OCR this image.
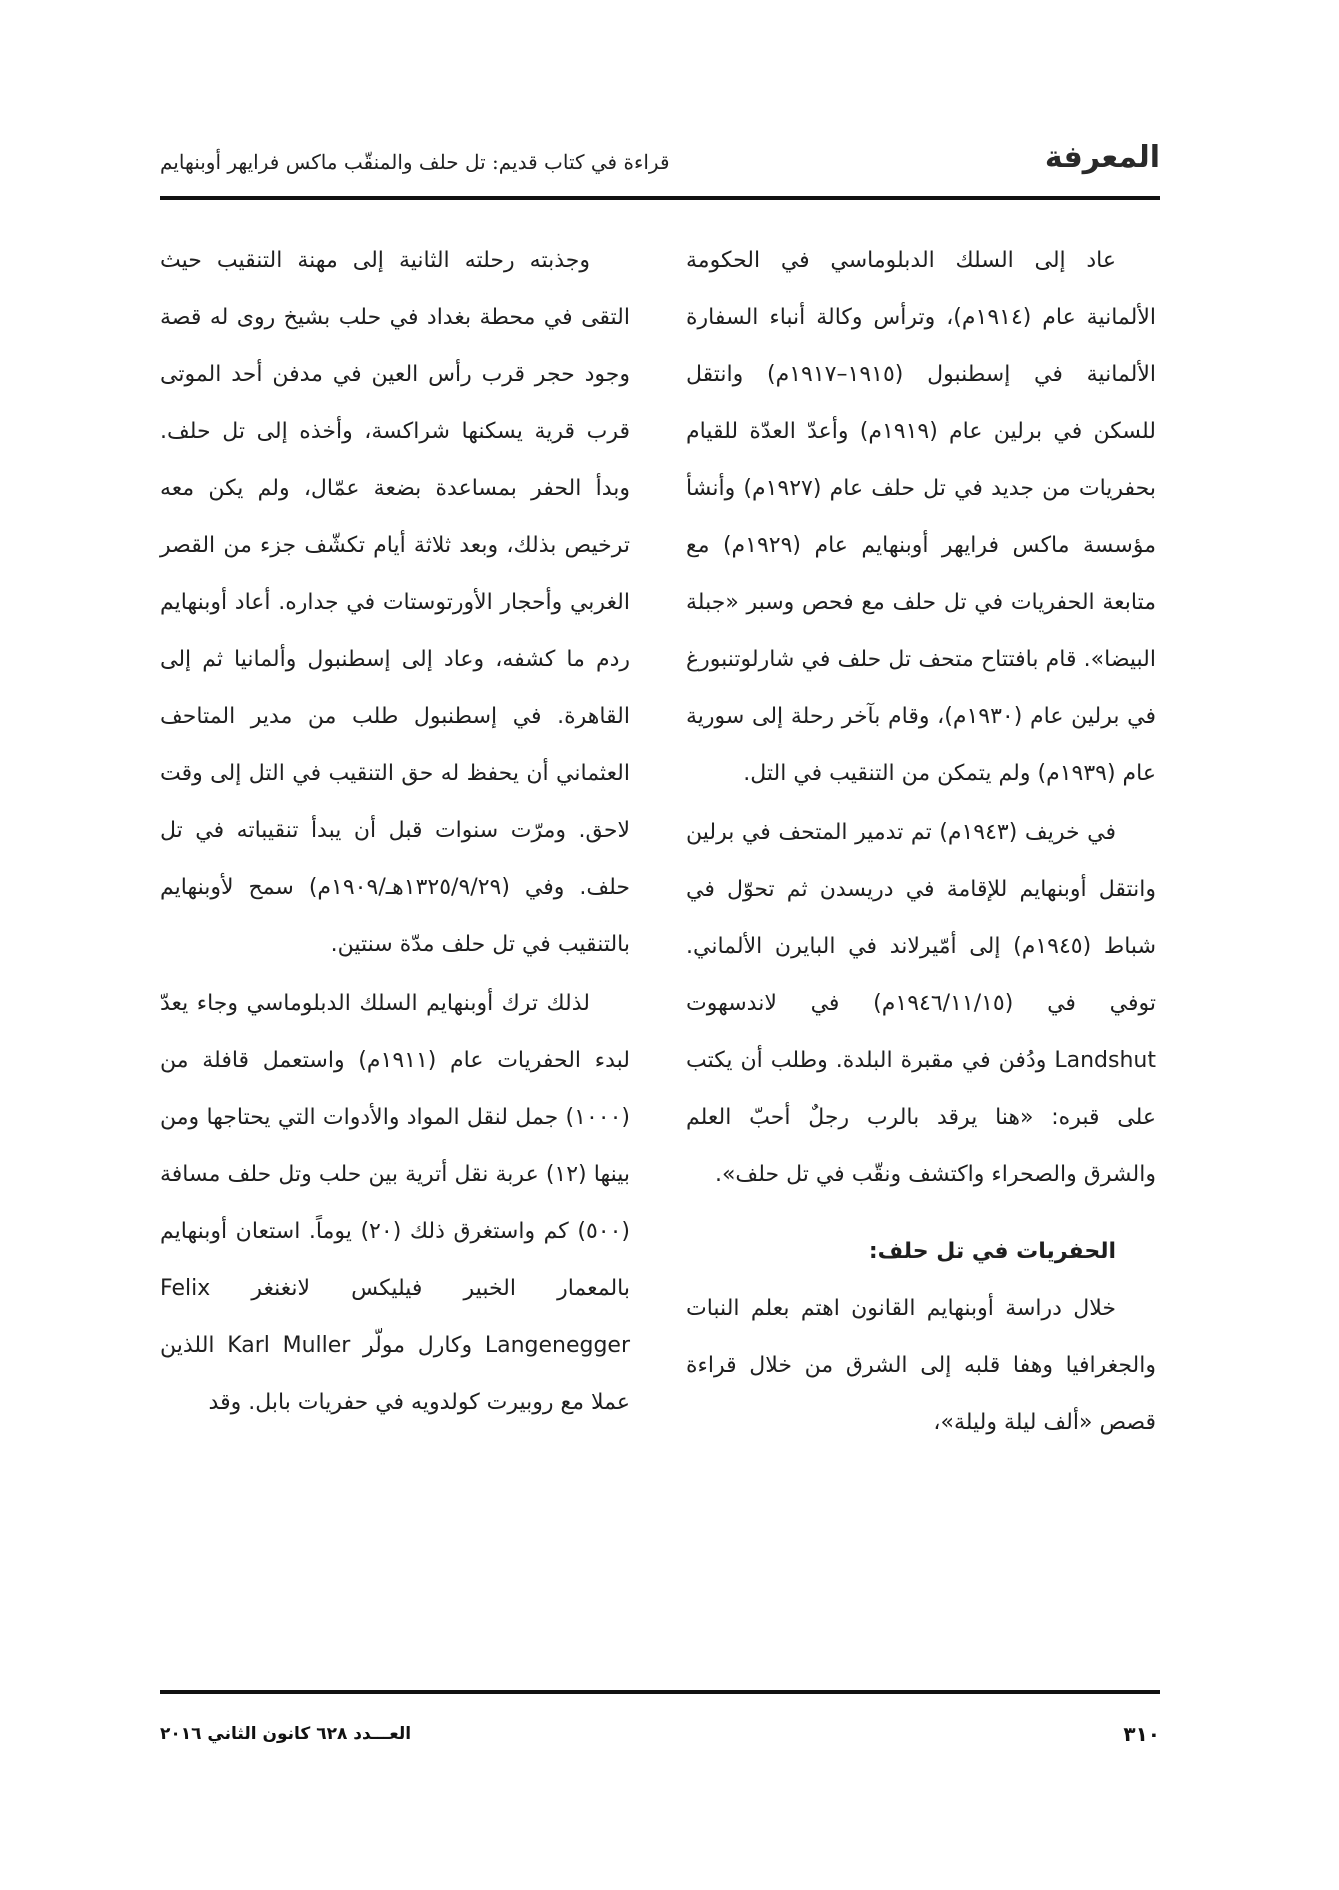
المعرفة
قراءة في كتاب قديم: تل حلف والمنقّب ماكس فرايهر أوبنهايم

عاد إلى السلك الدبلوماسي في الحكومة الألمانية عام (١٩١٤م)، وترأس وكالة أنباء السفارة الألمانية في إسطنبول (١٩١٥–١٩١٧م) وانتقل للسكن في برلين عام (١٩١٩م) وأعدّ العدّة للقيام بحفريات من جديد في تل حلف عام (١٩٢٧م) وأنشأ مؤسسة ماكس فرايهر أوبنهايم عام (١٩٢٩م) مع متابعة الحفريات في تل حلف مع فحص وسبر «جبلة البيضا». قام بافتتاح متحف تل حلف في شارلوتنبورغ في برلين عام (١٩٣٠م)، وقام بآخر رحلة إلى سورية عام (١٩٣٩م) ولم يتمكن من التنقيب في التل.

في خريف (١٩٤٣م) تم تدمير المتحف في برلين وانتقل أوبنهايم للإقامة في دريسدن ثم تحوّل في شباط (١٩٤٥م) إلى أمّيرلاند في البايرن الألماني. توفي في (١٩٤٦/١١/١٥م) في لاندسهوت Landshut ودُفن في مقبرة البلدة. وطلب أن يكتب على قبره: «هنا يرقد بالرب رجلٌ أحبّ العلم والشرق والصحراء واكتشف ونقّب في تل حلف».

الحفريات في تل حلف:

خلال دراسة أوبنهايم القانون اهتم بعلم النبات والجغرافيا وهفا قلبه إلى الشرق من خلال قراءة قصص «ألف ليلة وليلة»،

وجذبته رحلته الثانية إلى مهنة التنقيب حيث التقى في محطة بغداد في حلب بشيخ روى له قصة وجود حجر قرب رأس العين في مدفن أحد الموتى قرب قرية يسكنها شراكسة، وأخذه إلى تل حلف. وبدأ الحفر بمساعدة بضعة عمّال، ولم يكن معه ترخيص بذلك، وبعد ثلاثة أيام تكشّف جزء من القصر الغربي وأحجار الأورتوستات في جداره. أعاد أوبنهايم ردم ما كشفه، وعاد إلى إسطنبول وألمانيا ثم إلى القاهرة. في إسطنبول طلب من مدير المتاحف العثماني أن يحفظ له حق التنقيب في التل إلى وقت لاحق. ومرّت سنوات قبل أن يبدأ تنقيباته في تل حلف. وفي (١٣٢٥/٩/٢٩هـ/١٩٠٩م) سمح لأوبنهايم بالتنقيب في تل حلف مدّة سنتين.

لذلك ترك أوبنهايم السلك الدبلوماسي وجاء يعدّ لبدء الحفريات عام (١٩١١م) واستعمل قافلة من (١٠٠٠) جمل لنقل المواد والأدوات التي يحتاجها ومن بينها (١٢) عربة نقل أترية بين حلب وتل حلف مسافة (٥٠٠) كم واستغرق ذلك (٢٠) يوماً. استعان أوبنهايم بالمعمار الخبير فيليكس لانغنغر Felix Langenegger وكارل مولّر Karl Muller اللذين عملا مع روبيرت كولدويه في حفريات بابل. وقد

٣١٠
العـــدد ٦٢٨ كانون الثاني ٢٠١٦
